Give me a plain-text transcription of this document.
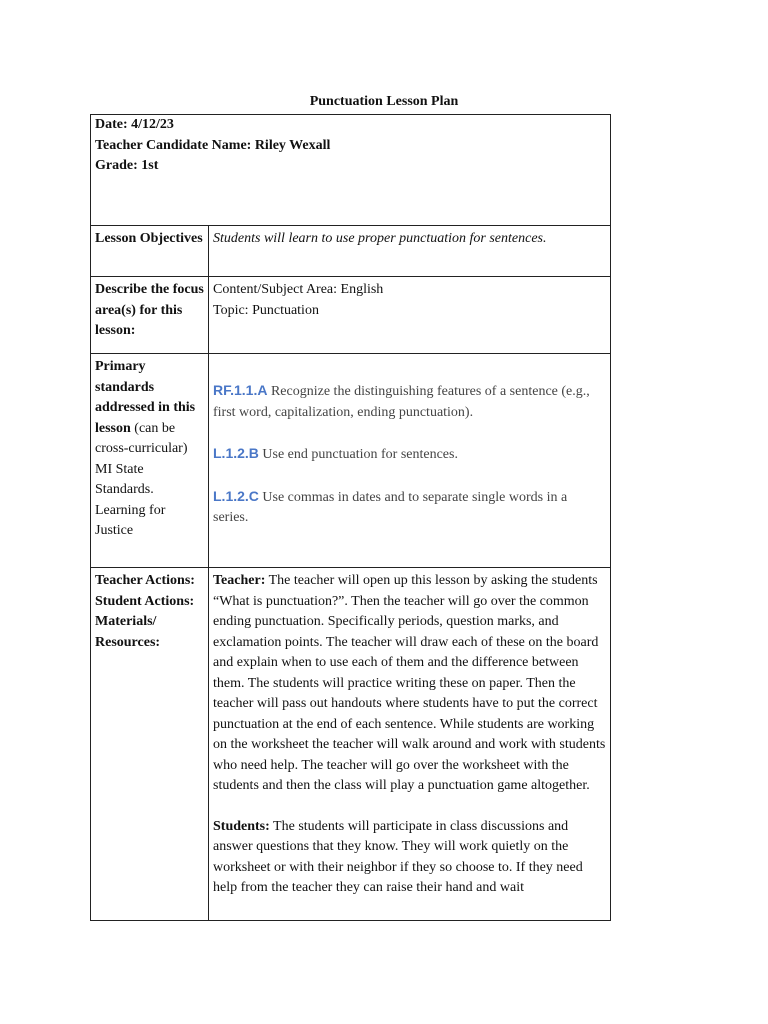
Punctuation Lesson Plan
Date: 4/12/23
Teacher Candidate Name: Riley Wexall
Grade: 1st	

Lesson Objectives	Students will learn to use proper punctuation for sentences.
Describe the focus area(s) for this lesson:	Content/Subject Area: English
Topic: Punctuation

Primary standards addressed in this lesson (can be cross-curricular) MI State Standards. Learning for Justice	RF.1.1.A Recognize the distinguishing features of a sentence (e.g., first word, capitalization, ending punctuation).

L.1.2.B Use end punctuation for sentences.

L.1.2.C Use commas in dates and to separate single words in a series.

Teacher Actions: Student Actions: Materials/ Resources:	Teacher: The teacher will open up this lesson by asking the students “What is punctuation?”. Then the teacher will go over the common ending punctuation. Specifically periods, question marks, and exclamation points. The teacher will draw each of these on the board and explain when to use each of them and the difference between them. The students will practice writing these on paper. Then the teacher will pass out handouts where students have to put the correct punctuation at the end of each sentence. While students are working on the worksheet the teacher will walk around and work with students who need help. The teacher will go over the worksheet with the students and then the class will play a punctuation game altogether.

Students: The students will participate in class discussions and answer questions that they know. They will work quietly on the worksheet or with their neighbor if they so choose to. If they need help from the teacher they can raise their hand and wait
